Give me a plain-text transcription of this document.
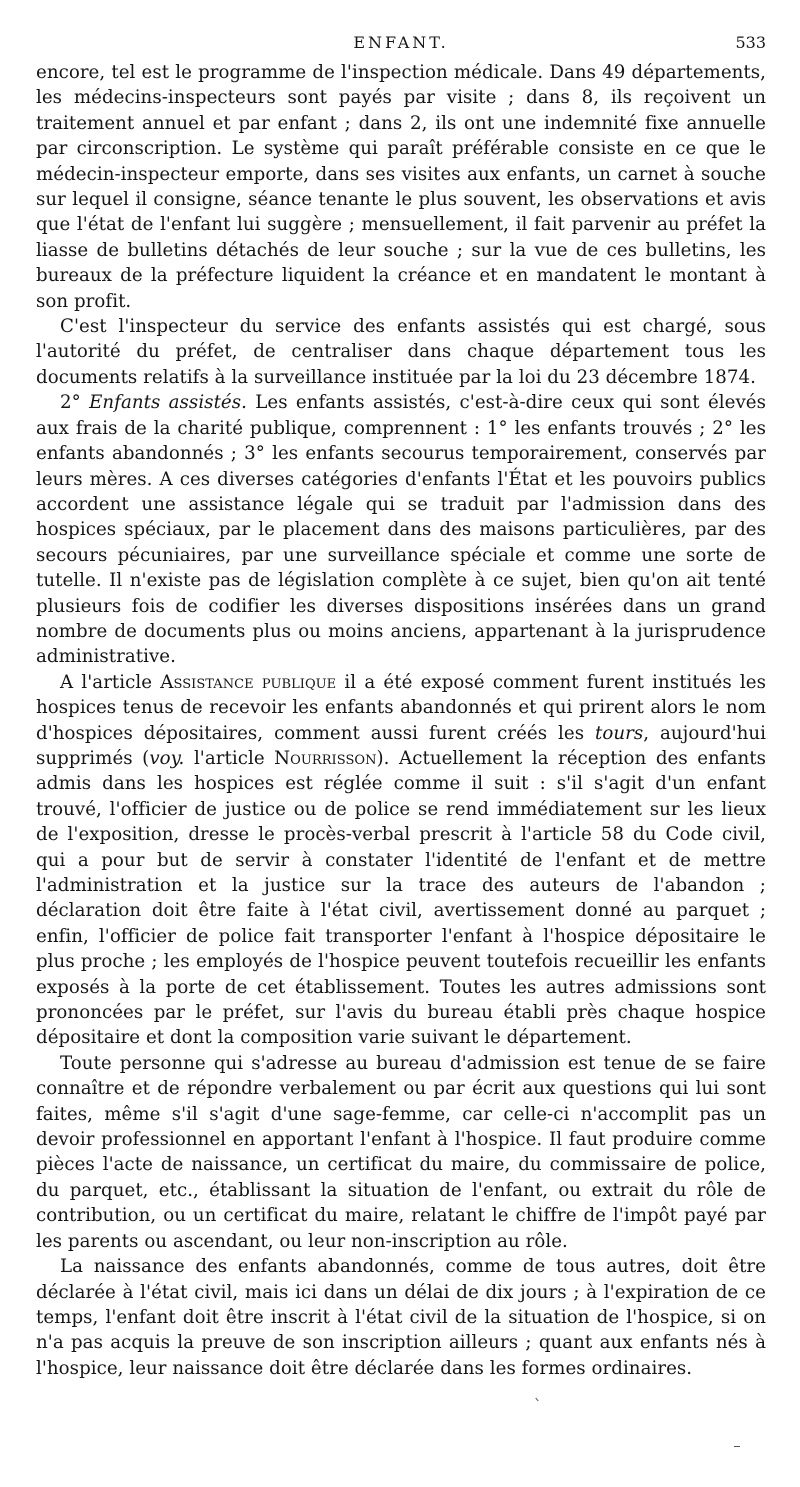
ENFANT.	533

encore, tel est le programme de l'inspection médicale. Dans 49 départements, les médecins-inspecteurs sont payés par visite ; dans 8, ils reçoivent un traitement annuel et par enfant ; dans 2, ils ont une indemnité fixe annuelle par circonscription. Le système qui paraît préférable consiste en ce que le médecin-inspecteur emporte, dans ses visites aux enfants, un carnet à souche sur lequel il consigne, séance tenante le plus souvent, les observations et avis que l'état de l'enfant lui suggère ; mensuellement, il fait parvenir au préfet la liasse de bulletins détachés de leur souche ; sur la vue de ces bulletins, les bureaux de la préfecture liquident la créance et en mandatent le montant à son profit.

C'est l'inspecteur du service des enfants assistés qui est chargé, sous l'autorité du préfet, de centraliser dans chaque département tous les documents relatifs à la surveillance instituée par la loi du 23 décembre 1874.

2° Enfants assistés. Les enfants assistés, c'est-à-dire ceux qui sont élevés aux frais de la charité publique, comprennent : 1° les enfants trouvés ; 2° les enfants abandonnés ; 3° les enfants secourus temporairement, conservés par leurs mères. A ces diverses catégories d'enfants l'État et les pouvoirs publics accordent une assistance légale qui se traduit par l'admission dans des hospices spéciaux, par le placement dans des maisons particulières, par des secours pécuniaires, par une surveillance spéciale et comme une sorte de tutelle. Il n'existe pas de législation complète à ce sujet, bien qu'on ait tenté plusieurs fois de codifier les diverses dispositions insérées dans un grand nombre de documents plus ou moins anciens, appartenant à la jurisprudence administrative.

A l'article Assistance publique il a été exposé comment furent institués les hospices tenus de recevoir les enfants abandonnés et qui prirent alors le nom d'hospices dépositaires, comment aussi furent créés les tours, aujourd'hui supprimés (voy. l'article Nourrisson). Actuellement la réception des enfants admis dans les hospices est réglée comme il suit : s'il s'agit d'un enfant trouvé, l'officier de justice ou de police se rend immédiatement sur les lieux de l'exposition, dresse le procès-verbal prescrit à l'article 58 du Code civil, qui a pour but de servir à constater l'identité de l'enfant et de mettre l'administration et la justice sur la trace des auteurs de l'abandon ; déclaration doit être faite à l'état civil, avertissement donné au parquet ; enfin, l'officier de police fait transporter l'enfant à l'hospice dépositaire le plus proche ; les employés de l'hospice peuvent toutefois recueillir les enfants exposés à la porte de cet établissement. Toutes les autres admissions sont prononcées par le préfet, sur l'avis du bureau établi près chaque hospice dépositaire et dont la composition varie suivant le département.

Toute personne qui s'adresse au bureau d'admission est tenue de se faire connaître et de répondre verbalement ou par écrit aux questions qui lui sont faites, même s'il s'agit d'une sage-femme, car celle-ci n'accomplit pas un devoir professionnel en apportant l'enfant à l'hospice. Il faut produire comme pièces l'acte de naissance, un certificat du maire, du commissaire de police, du parquet, etc., établissant la situation de l'enfant, ou extrait du rôle de contribution, ou un certificat du maire, relatant le chiffre de l'impôt payé par les parents ou ascendant, ou leur non-inscription au rôle.

La naissance des enfants abandonnés, comme de tous autres, doit être déclarée à l'état civil, mais ici dans un délai de dix jours ; à l'expiration de ce temps, l'enfant doit être inscrit à l'état civil de la situation de l'hospice, si on n'a pas acquis la preuve de son inscription ailleurs ; quant aux enfants nés à l'hospice, leur naissance doit être déclarée dans les formes ordinaires.
